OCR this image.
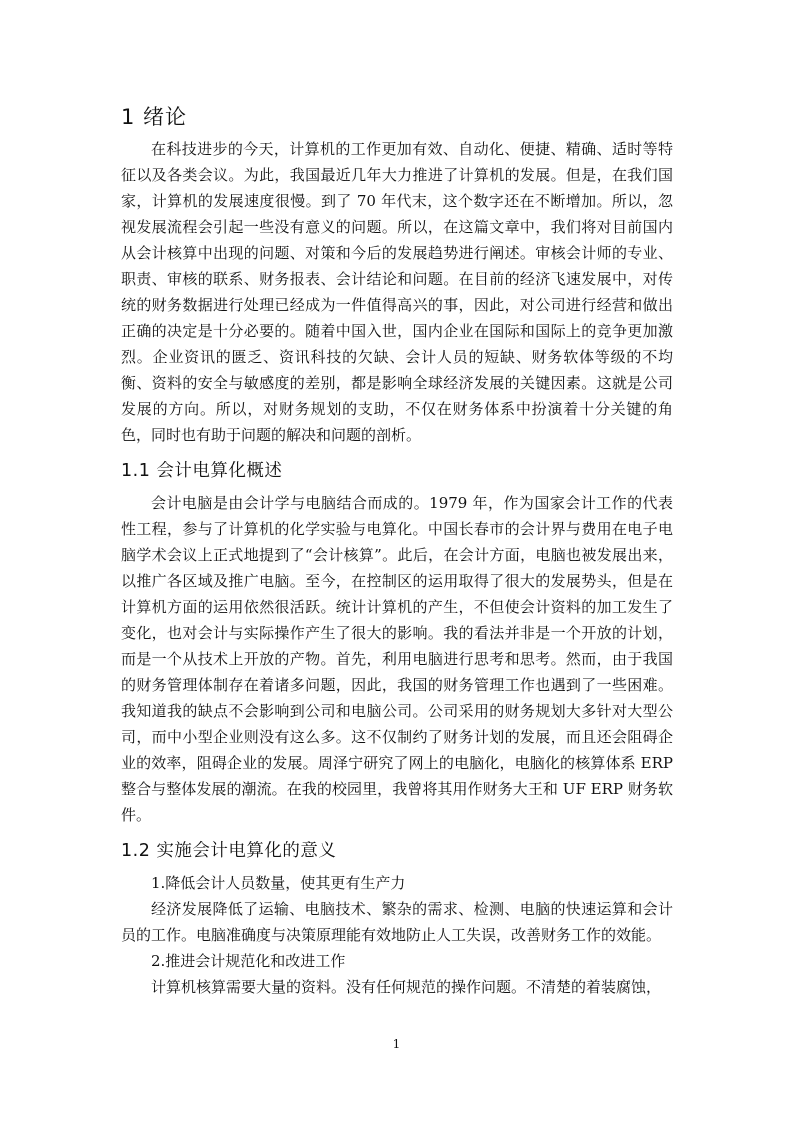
1 绪论

在科技进步的今天，计算机的工作更加有效、自动化、便捷、精确、适时等特征以及各类会议。为此，我国最近几年大力推进了计算机的发展。但是，在我们国家，计算机的发展速度很慢。到了 70 年代末，这个数字还在不断增加。所以，忽视发展流程会引起一些没有意义的问题。所以，在这篇文章中，我们将对目前国内从会计核算中出现的问题、对策和今后的发展趋势进行阐述。审核会计师的专业、职责、审核的联系、财务报表、会计结论和问题。在目前的经济飞速发展中，对传统的财务数据进行处理已经成为一件值得高兴的事，因此，对公司进行经营和做出正确的决定是十分必要的。随着中国入世，国内企业在国际和国际上的竞争更加激烈。企业资讯的匮乏、资讯科技的欠缺、会计人员的短缺、财务软体等级的不均衡、资料的安全与敏感度的差别，都是影响全球经济发展的关键因素。这就是公司发展的方向。所以，对财务规划的支助，不仅在财务体系中扮演着十分关键的角色，同时也有助于问题的解决和问题的剖析。

1.1 会计电算化概述

会计电脑是由会计学与电脑结合而成的。1979 年，作为国家会计工作的代表性工程，参与了计算机的化学实验与电算化。中国长春市的会计界与费用在电子电脑学术会议上正式地提到了“会计核算”。此后，在会计方面，电脑也被发展出来，以推广各区域及推广电脑。至今，在控制区的运用取得了很大的发展势头，但是在计算机方面的运用依然很活跃。统计计算机的产生，不但使会计资料的加工发生了变化，也对会计与实际操作产生了很大的影响。我的看法并非是一个开放的计划，而是一个从技术上开放的产物。首先，利用电脑进行思考和思考。然而，由于我国的财务管理体制存在着诸多问题，因此，我国的财务管理工作也遇到了一些困难。我知道我的缺点不会影响到公司和电脑公司。公司采用的财务规划大多针对大型公司，而中小型企业则没有这么多。这不仅制约了财务计划的发展，而且还会阻碍企业的效率，阻碍企业的发展。周泽宁研究了网上的电脑化，电脑化的核算体系 ERP 整合与整体发展的潮流。在我的校园里，我曾将其用作财务大王和 UF ERP 财务软件。

1.2 实施会计电算化的意义

1.降低会计人员数量，使其更有生产力

经济发展降低了运输、电脑技术、繁杂的需求、检测、电脑的快速运算和会计员的工作。电脑准确度与决策原理能有效地防止人工失误，改善财务工作的效能。

2.推进会计规范化和改进工作

计算机核算需要大量的资料。没有任何规范的操作问题。不清楚的着装腐蚀，

1
